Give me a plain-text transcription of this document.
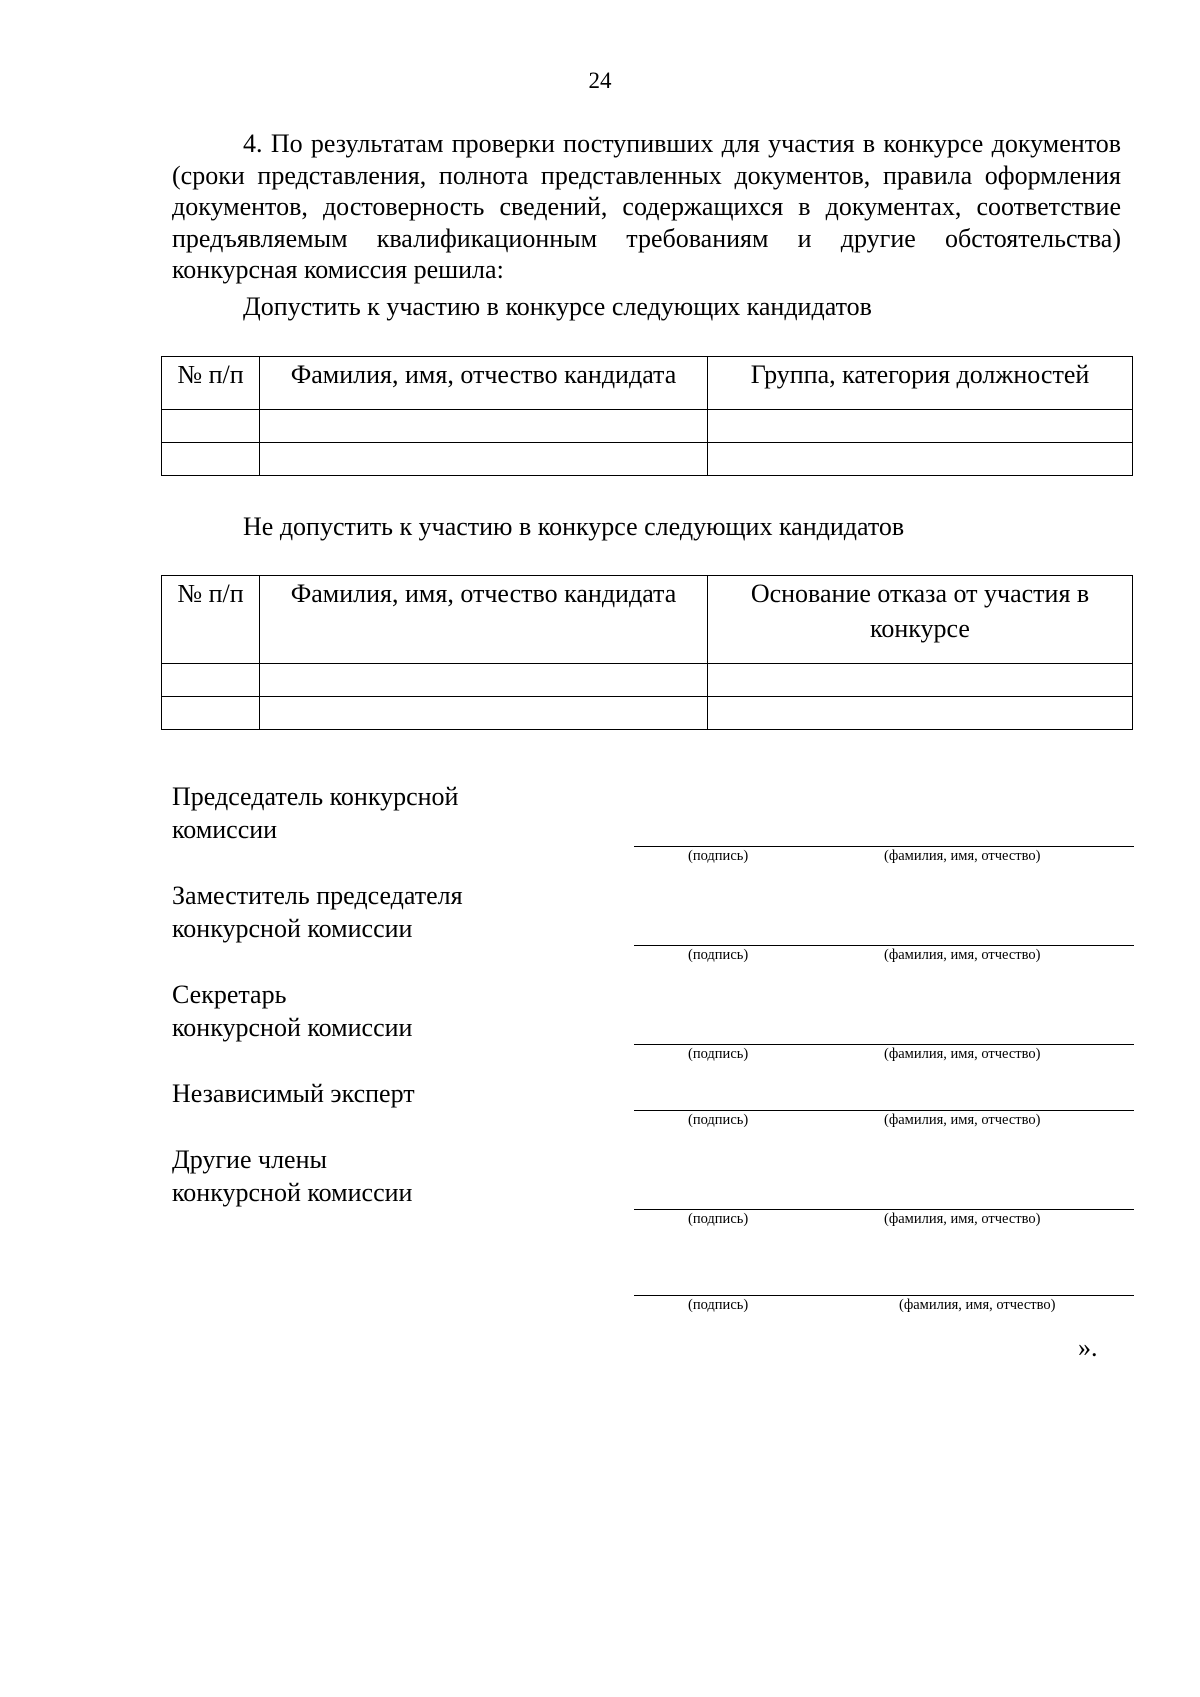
24

4. По результатам проверки поступивших для участия в конкурсе документов (сроки представления, полнота представленных документов, правила оформления документов, достоверность сведений, содержащихся в документах, соответствие предъявляемым квалификационным требованиям и другие обстоятельства) конкурсная комиссия решила:

Допустить к участию в конкурсе следующих кандидатов
№ п/п	Фамилия, имя, отчество кандидата	Группа, категория должностей

Не допустить к участию в конкурсе следующих кандидатов
№ п/п	Фамилия, имя, отчество кандидата	Основание отказа от участия в конкурсе

Председатель конкурсной
комиссии
(подпись)	(фамилия, имя, отчество)
Заместитель председателя
конкурсной комиссии
(подпись)	(фамилия, имя, отчество)
Секретарь
конкурсной комиссии
(подпись)	(фамилия, имя, отчество)
Независимый эксперт
(подпись)	(фамилия, имя, отчество)
Другие члены
конкурсной комиссии
(подпись)	(фамилия, имя, отчество)
(подпись)	(фамилия, имя, отчество)
».
